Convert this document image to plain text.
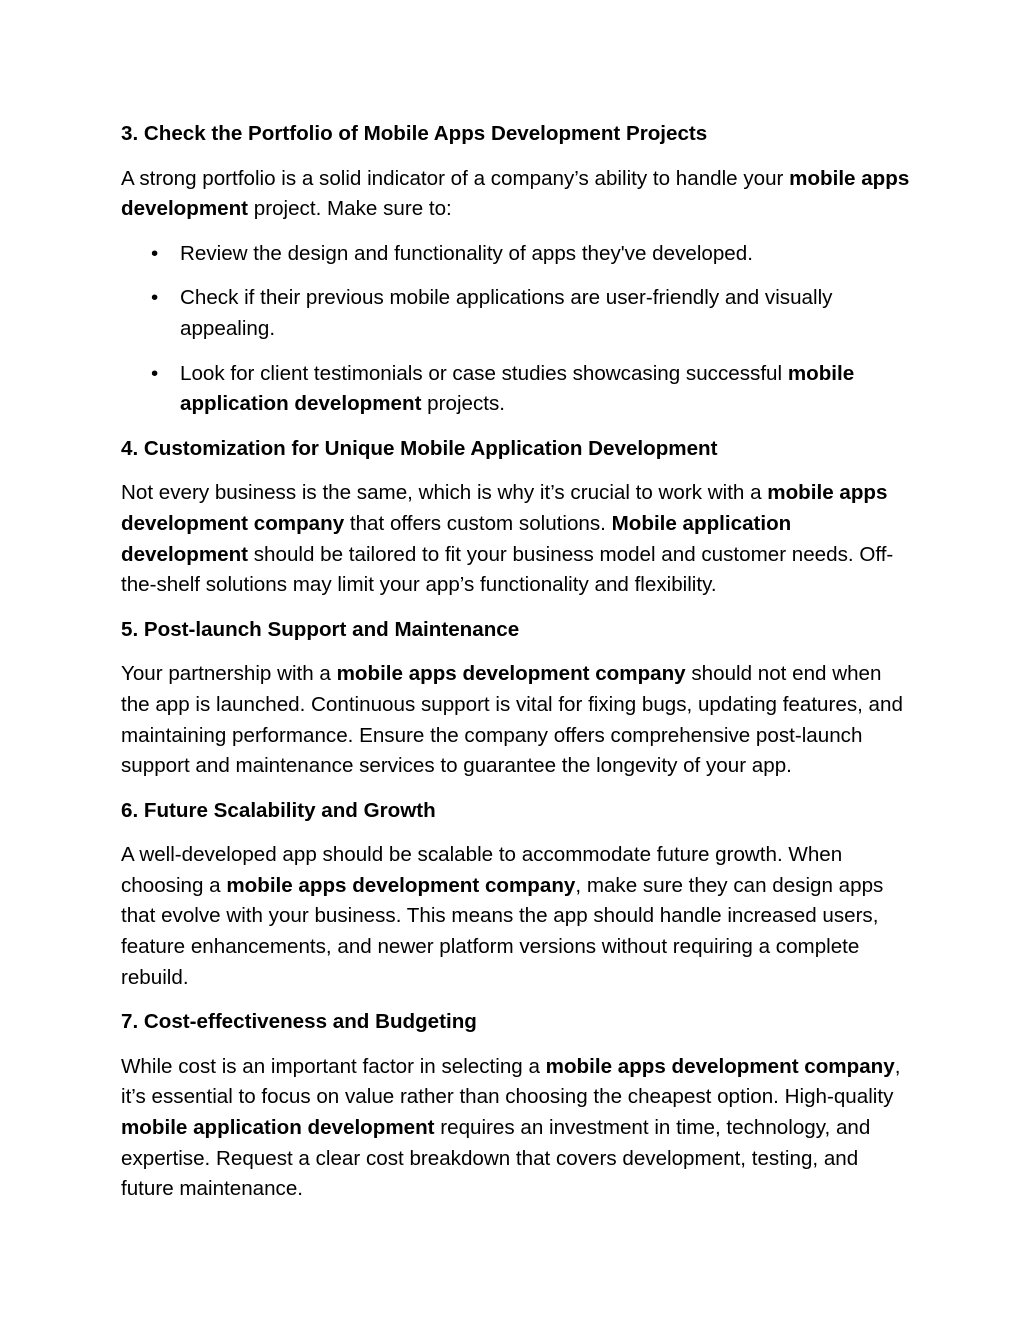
3. Check the Portfolio of Mobile Apps Development Projects

A strong portfolio is a solid indicator of a company’s ability to handle your mobile apps development project. Make sure to:

• Review the design and functionality of apps they've developed.
• Check if their previous mobile applications are user-friendly and visually appealing.
• Look for client testimonials or case studies showcasing successful mobile application development projects.
4. Customization for Unique Mobile Application Development

Not every business is the same, which is why it’s crucial to work with a mobile apps development company that offers custom solutions. Mobile application development should be tailored to fit your business model and customer needs. Off-the-shelf solutions may limit your app’s functionality and flexibility.

5. Post-launch Support and Maintenance

Your partnership with a mobile apps development company should not end when the app is launched. Continuous support is vital for fixing bugs, updating features, and maintaining performance. Ensure the company offers comprehensive post-launch support and maintenance services to guarantee the longevity of your app.

6. Future Scalability and Growth

A well-developed app should be scalable to accommodate future growth. When choosing a mobile apps development company, make sure they can design apps that evolve with your business. This means the app should handle increased users, feature enhancements, and newer platform versions without requiring a complete rebuild.

7. Cost-effectiveness and Budgeting

While cost is an important factor in selecting a mobile apps development company, it’s essential to focus on value rather than choosing the cheapest option. High-quality mobile application development requires an investment in time, technology, and expertise. Request a clear cost breakdown that covers development, testing, and future maintenance.
